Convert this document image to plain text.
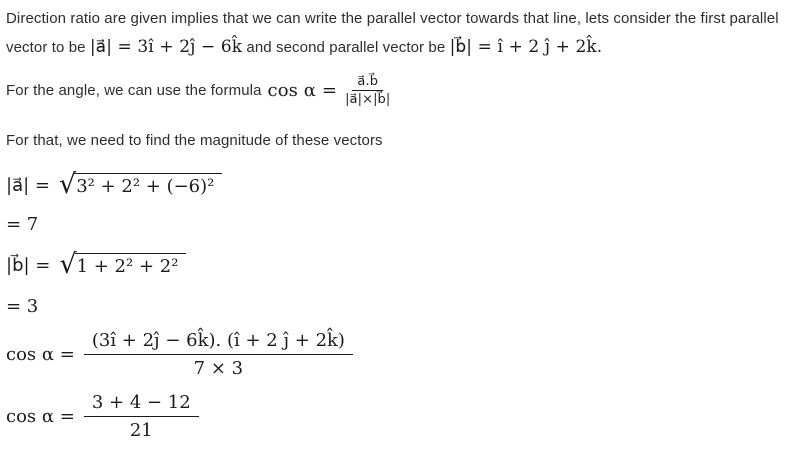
Direction ratio are given implies that we can write the parallel vector towards that line, lets consider the first parallel vector to be |a⃗| = 3î + 2ĵ − 6k̂ and second parallel vector be |b⃗| = î + 2 ĵ + 2k̂.

For the angle, we can use the formula $\cos \alpha = \frac{a⃗.b⃗}{|a⃗|\times|b⃗|}$

For that, we need to find the magnitude of these vectors

|a⃗| = √ 3² + 2² + (−6)²
= 7
|b⃗| = √ 1 + 2² + 2²
= 3
$\cos \alpha = \frac{(3î + 2ĵ - 6k̂). (î + 2 ĵ + 2k̂)}{7 \times 3}$
$\cos \alpha = \frac{3 + 4 - 12}{21}$
